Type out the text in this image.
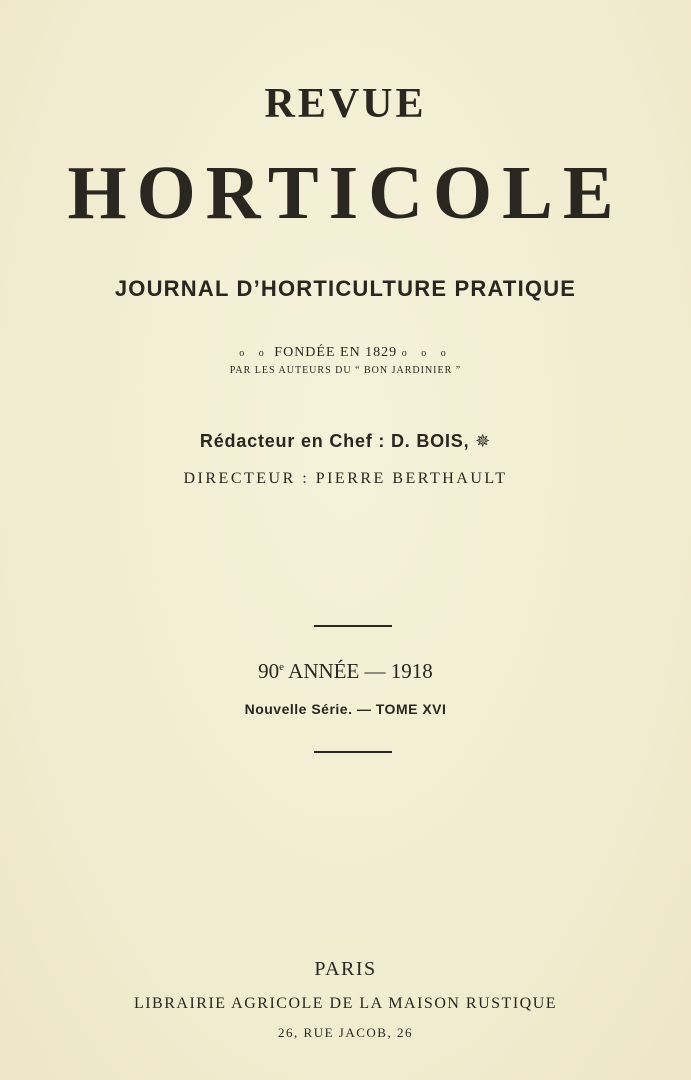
REVUE
HORTICOLE
JOURNAL D’HORTICULTURE PRATIQUE
o o FONDÉE EN 1829 o o o
PAR LES AUTEURS DU “ BON JARDINIER ”
Rédacteur en Chef : D. BOIS, ✵
DIRECTEUR : PIERRE BERTHAULT
90e ANNÉE — 1918
Nouvelle Série. — TOME XVI
PARIS
LIBRAIRIE AGRICOLE DE LA MAISON RUSTIQUE
26, RUE JACOB, 26
